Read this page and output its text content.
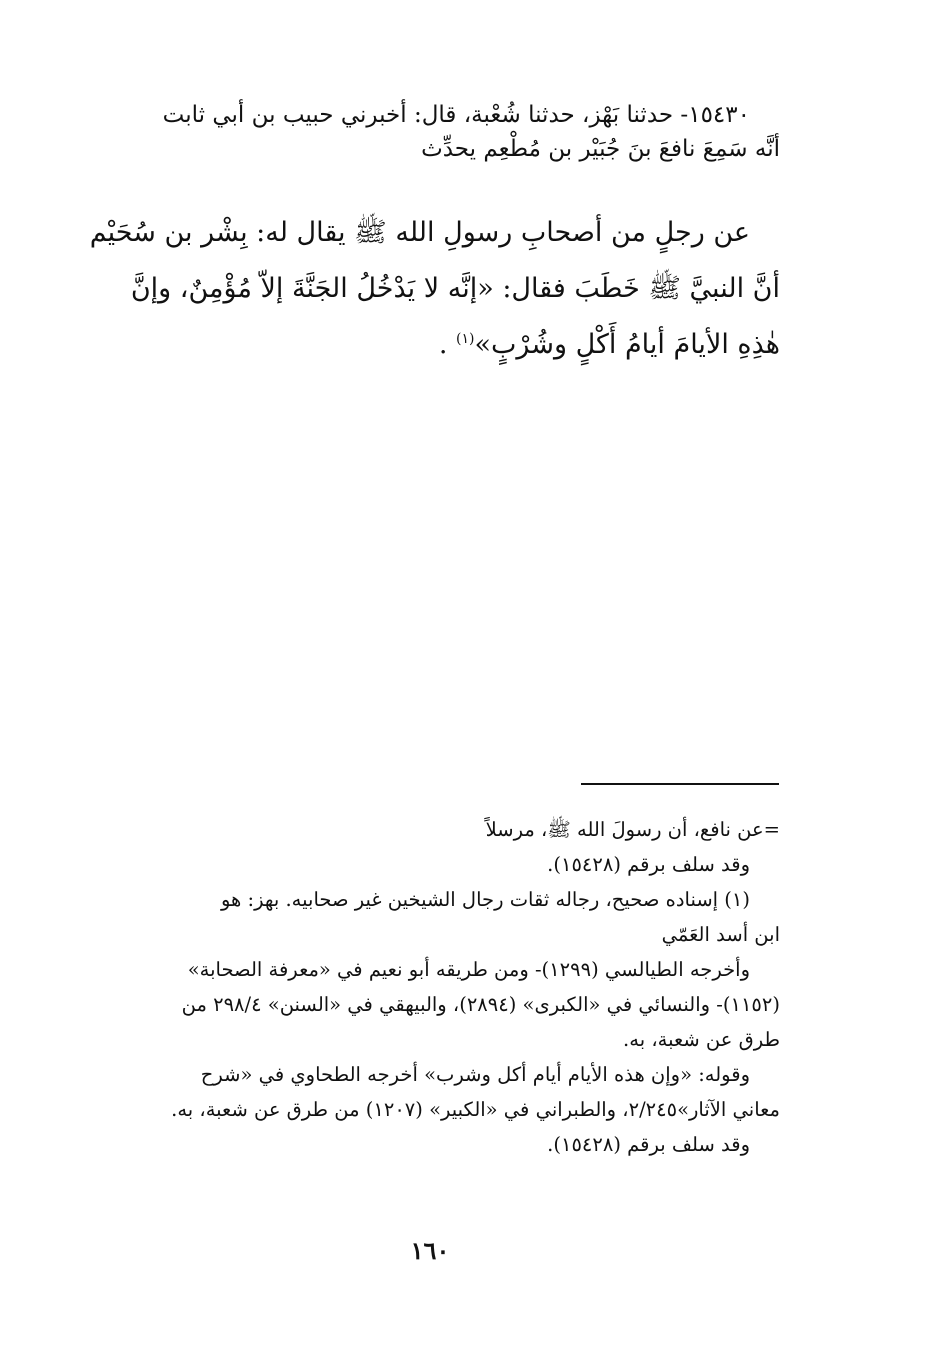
١٥٤٣٠- حدثنا بَهْز، حدثنا شُعْبة، قال: أخبرني حبيب بن أبي ثابت

أنَّه سَمِعَ نافعَ بنَ جُبَيْر بن مُطْعِم يحدِّث

عن رجلٍ من أصحابِ رسولِ الله ﷺ يقال له: بِشْر بن سُحَيْم

أنَّ النبيَّ ﷺ خَطَبَ فقال: «إنَّه لا يَدْخُلُ الجَنَّةَ إلاّ مُؤْمِنٌ، وإنَّ

هٰذِهِ الأيامَ أيامُ أَكْلٍ وشُرْبٍ»$^{(١)}$ .

=عن نافع، أن رسولَ الله ﷺ، مرسلاً

وقد سلف برقم (١٥٤٢٨).

(١) إسناده صحيح، رجاله ثقات رجال الشيخين غير صحابيه. بهز: هو

ابن أسد العَمّي

وأخرجه الطيالسي (١٢٩٩)- ومن طريقه أبو نعيم في «معرفة الصحابة»

(١١٥٢)- والنسائي في «الكبرى» (٢٨٩٤)، والبيهقي في «السنن» ٢٩٨/٤ من

طرق عن شعبة، به.

وقوله: «وإن هذه الأيام أيام أكل وشرب» أخرجه الطحاوي في «شرح

معاني الآثار»٢/٢٤٥، والطبراني في «الكبير» (١٢٠٧) من طرق عن شعبة، به.

وقد سلف برقم (١٥٤٢٨).

١٦٠
